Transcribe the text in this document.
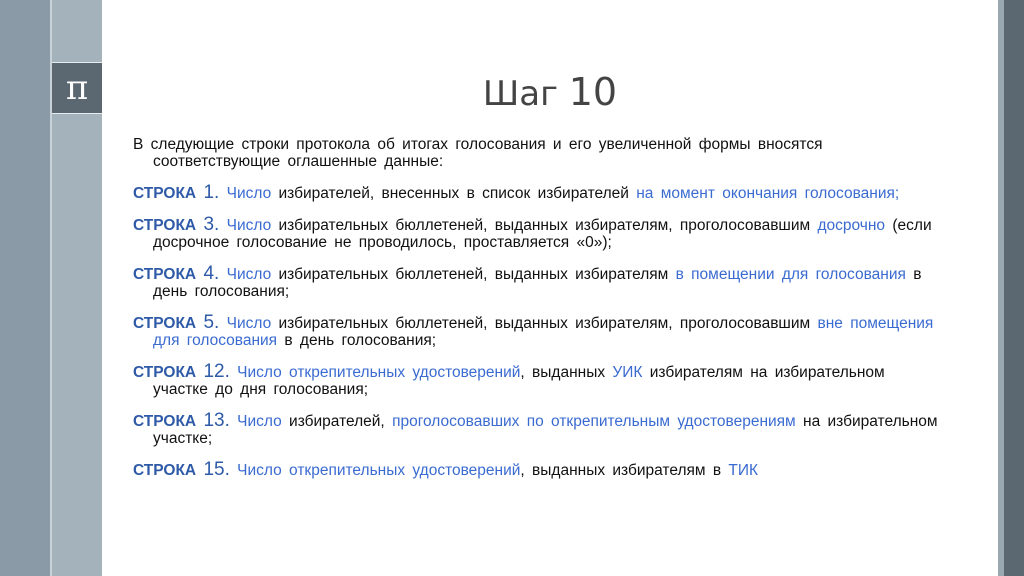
π	Шаг 10

В следующие строки протокола об итогах голосования и его увеличенной формы вносятся соответствующие оглашенные данные:

СТРОКА 1. Число избирателей, внесенных в список избирателей на момент окончания голосования;

СТРОКА 3. Число избирательных бюллетеней, выданных избирателям, проголосовавшим досрочно (если досрочное голосование не проводилось, проставляется «0»);

СТРОКА 4. Число избирательных бюллетеней, выданных избирателям в помещении для голосования в день голосования;

СТРОКА 5. Число избирательных бюллетеней, выданных избирателям, проголосовавшим вне помещения для голосования в день голосования;

СТРОКА 12. Число открепительных удостоверений, выданных УИК избирателям на избирательном участке до дня голосования;

СТРОКА 13. Число избирателей, проголосовавших по открепительным удостоверениям на избирательном участке;

СТРОКА 15. Число открепительных удостоверений, выданных избирателям в ТИК
